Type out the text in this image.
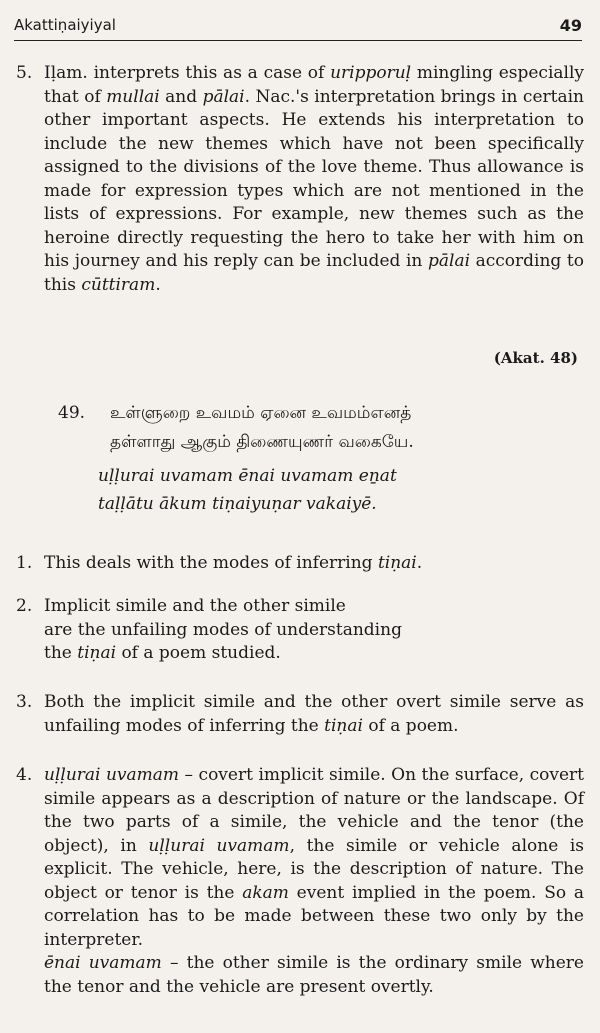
Akattiṇaiyiyal	49
5. Iḷam. interprets this as a case of uripporuḷ mingling especially that of mullai and pālai. Nac.'s interpretation brings in certain other important aspects. He extends his interpretation to include the new themes which have not been specifically assigned to the divisions of the love theme. Thus allowance is made for expression types which are not mentioned in the lists of expressions. For example, new themes such as the heroine directly requesting the hero to take her with him on his journey and his reply can be included in pālai according to this cūttiram.
(Akat. 48)
49. உள்ளுறை உவமம் ஏனை உவமம்எனத்
தள்ளாது ஆகும் திணையுணர் வகையே.
uḷḷurai uvamam ēnai uvamam eṉat
taḷḷātu ākum tiṇaiyuṇar vakaiyē.
1. This deals with the modes of inferring tiṇai.
2. Implicit simile and the other simile
are the unfailing modes of understanding
the tiṇai of a poem studied.
3. Both the implicit simile and the other overt simile serve as unfailing modes of inferring the tiṇai of a poem.
4. uḷḷurai uvamam – covert implicit simile. On the surface, covert simile appears as a description of nature or the landscape. Of the two parts of a simile, the vehicle and the tenor (the object), in uḷḷurai uvamam, the simile or vehicle alone is explicit. The vehicle, here, is the description of nature. The object or tenor is the akam event implied in the poem. So a correlation has to be made between these two only by the interpreter.
ēnai uvamam – the other simile is the ordinary smile where the tenor and the vehicle are present overtly.
